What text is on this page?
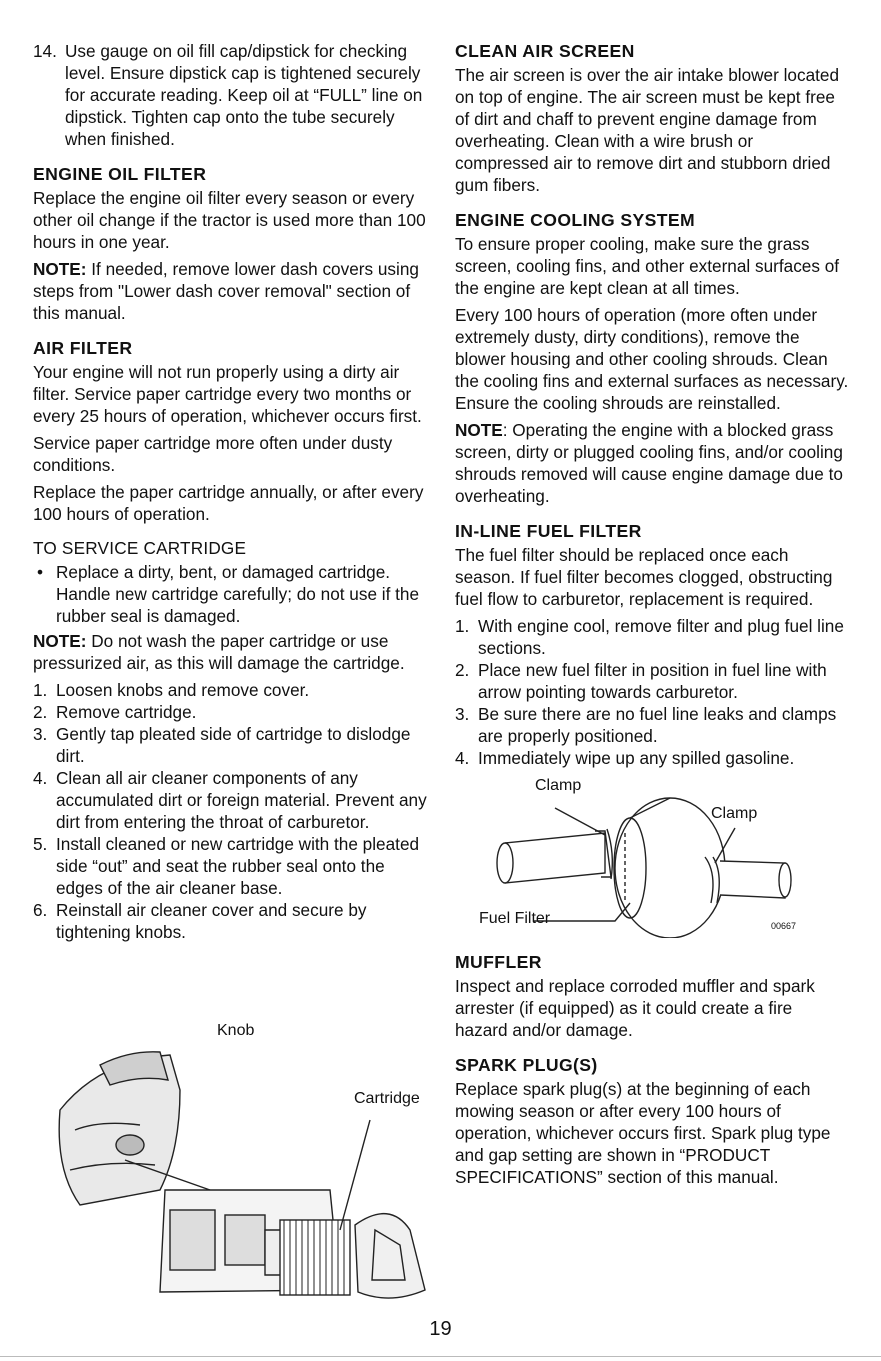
14. Use gauge on oil fill cap/dipstick for checking level. Ensure dipstick cap is tightened securely for accurate reading. Keep oil at “FULL” line on dipstick. Tighten cap onto the tube securely when finished.
ENGINE OIL FILTER

Replace the engine oil filter every season or every other oil change if the tractor is used more than 100 hours in one year.

NOTE: If needed, remove lower dash covers using steps from "Lower dash cover removal" section of this manual.

AIR FILTER

Your engine will not run properly using a dirty air filter. Service paper cartridge every two months or every 25 hours of operation, whichever occurs first.

Service paper cartridge more often under dusty conditions.

Replace the paper cartridge annually, or after every 100 hours of operation.

TO SERVICE CARTRIDGE
• Replace a dirty, bent, or damaged cartridge. Handle new cartridge carefully; do not use if the rubber seal is damaged.

NOTE: Do not wash the paper cartridge or use pressurized air, as this will damage the cartridge.

1. Loosen knobs and remove cover.
2. Remove cartridge.
3. Gently tap pleated side of cartridge to dislodge dirt.
4. Clean all air cleaner components of any accumulated dirt or foreign material. Prevent any dirt from entering the throat of carburetor.
5. Install cleaned or new cartridge with the pleated side “out” and seat the rubber seal onto the edges of the air cleaner base.
6. Reinstall air cleaner cover and secure by tightening knobs.
Knob
Cartridge
CLEAN AIR SCREEN

The air screen is over the air intake blower located on top of engine. The air screen must be kept free of dirt and chaff to prevent engine damage from overheating. Clean with a wire brush or compressed air to remove dirt and stubborn dried gum fibers.

ENGINE COOLING SYSTEM

To ensure proper cooling, make sure the grass screen, cooling fins, and other external surfaces of the engine are kept clean at all times.

Every 100 hours of operation (more often under extremely dusty, dirty conditions), remove the blower housing and other cooling shrouds. Clean the cooling fins and external surfaces as necessary. Ensure the cooling shrouds are reinstalled.

NOTE: Operating the engine with a blocked grass screen, dirty or plugged cooling fins, and/or cooling shrouds removed will cause engine damage due to overheating.

IN-LINE FUEL FILTER

The fuel filter should be replaced once each season. If fuel filter becomes clogged, obstructing fuel flow to carburetor, replacement is required.

1. With engine cool, remove filter and plug fuel line sections.
2. Place new fuel filter in position in fuel line with arrow pointing towards carburetor.
3. Be sure there are no fuel line leaks and clamps are properly positioned.
4. Immediately wipe up any spilled gasoline.
Clamp
Clamp
Fuel Filter	00667
MUFFLER

Inspect and replace corroded muffler and spark arrester (if equipped) as it could create a fire hazard and/or damage.

SPARK PLUG(S)

Replace spark plug(s) at the beginning of each mowing season or after every 100 hours of operation, whichever occurs first. Spark plug type and gap setting are shown in “PRODUCT SPECIFICATIONS” section of this manual.

19
